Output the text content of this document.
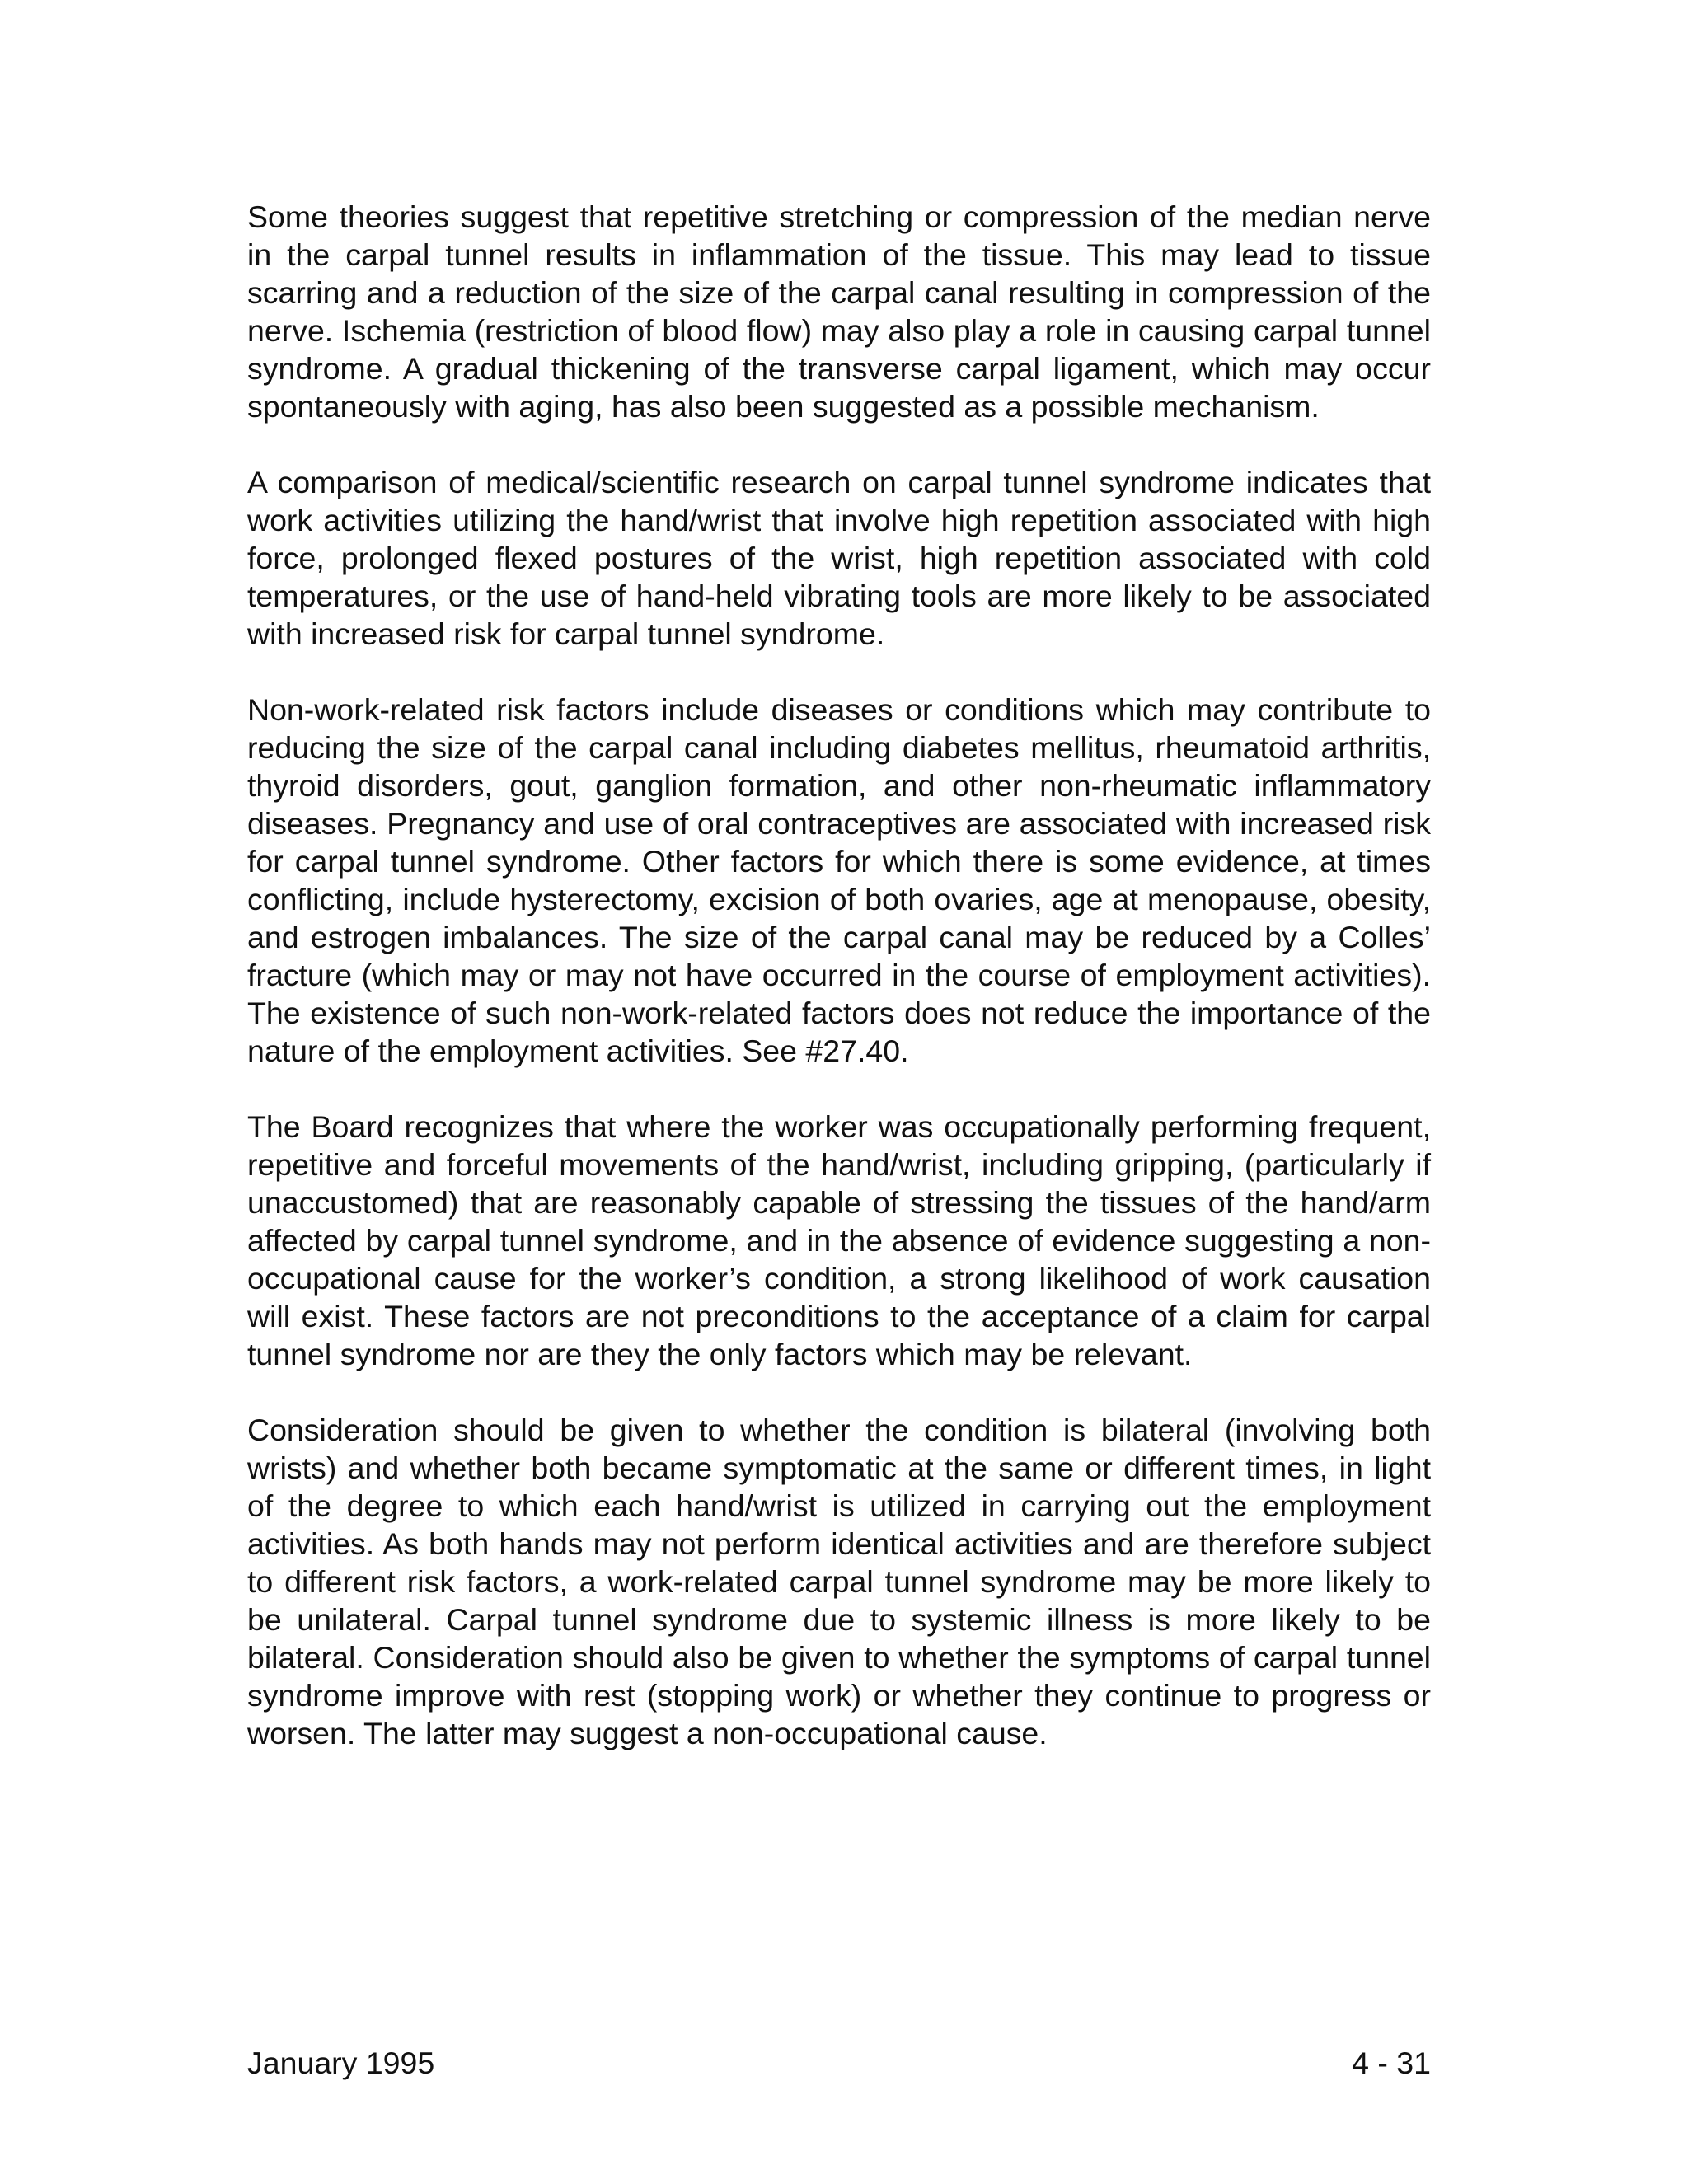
Some theories suggest that repetitive stretching or compression of the median nerve in the carpal tunnel results in inflammation of the tissue. This may lead to tissue scarring and a reduction of the size of the carpal canal resulting in compression of the nerve. Ischemia (restriction of blood flow) may also play a role in causing carpal tunnel syndrome. A gradual thickening of the transverse carpal ligament, which may occur spontaneously with aging, has also been suggested as a possible mechanism.

A comparison of medical/scientific research on carpal tunnel syndrome indicates that work activities utilizing the hand/wrist that involve high repetition associated with high force, prolonged flexed postures of the wrist, high repetition associated with cold temperatures, or the use of hand-held vibrating tools are more likely to be associated with increased risk for carpal tunnel syndrome.

Non-work-related risk factors include diseases or conditions which may contribute to reducing the size of the carpal canal including diabetes mellitus, rheumatoid arthritis, thyroid disorders, gout, ganglion formation, and other non-rheumatic inflammatory diseases. Pregnancy and use of oral contraceptives are associated with increased risk for carpal tunnel syndrome. Other factors for which there is some evidence, at times conflicting, include hysterectomy, excision of both ovaries, age at menopause, obesity, and estrogen imbalances. The size of the carpal canal may be reduced by a Colles’ fracture (which may or may not have occurred in the course of employment activities). The existence of such non-work-related factors does not reduce the importance of the nature of the employment activities. See #27.40.

The Board recognizes that where the worker was occupationally performing frequent, repetitive and forceful movements of the hand/wrist, including gripping, (particularly if unaccustomed) that are reasonably capable of stressing the tissues of the hand/arm affected by carpal tunnel syndrome, and in the absence of evidence suggesting a non-occupational cause for the worker’s condition, a strong likelihood of work causation will exist. These factors are not preconditions to the acceptance of a claim for carpal tunnel syndrome nor are they the only factors which may be relevant.

Consideration should be given to whether the condition is bilateral (involving both wrists) and whether both became symptomatic at the same or different times, in light of the degree to which each hand/wrist is utilized in carrying out the employment activities. As both hands may not perform identical activities and are therefore subject to different risk factors, a work-related carpal tunnel syndrome may be more likely to be unilateral. Carpal tunnel syndrome due to systemic illness is more likely to be bilateral. Consideration should also be given to whether the symptoms of carpal tunnel syndrome improve with rest (stopping work) or whether they continue to progress or worsen. The latter may suggest a non-occupational cause.

January 1995	4 - 31
